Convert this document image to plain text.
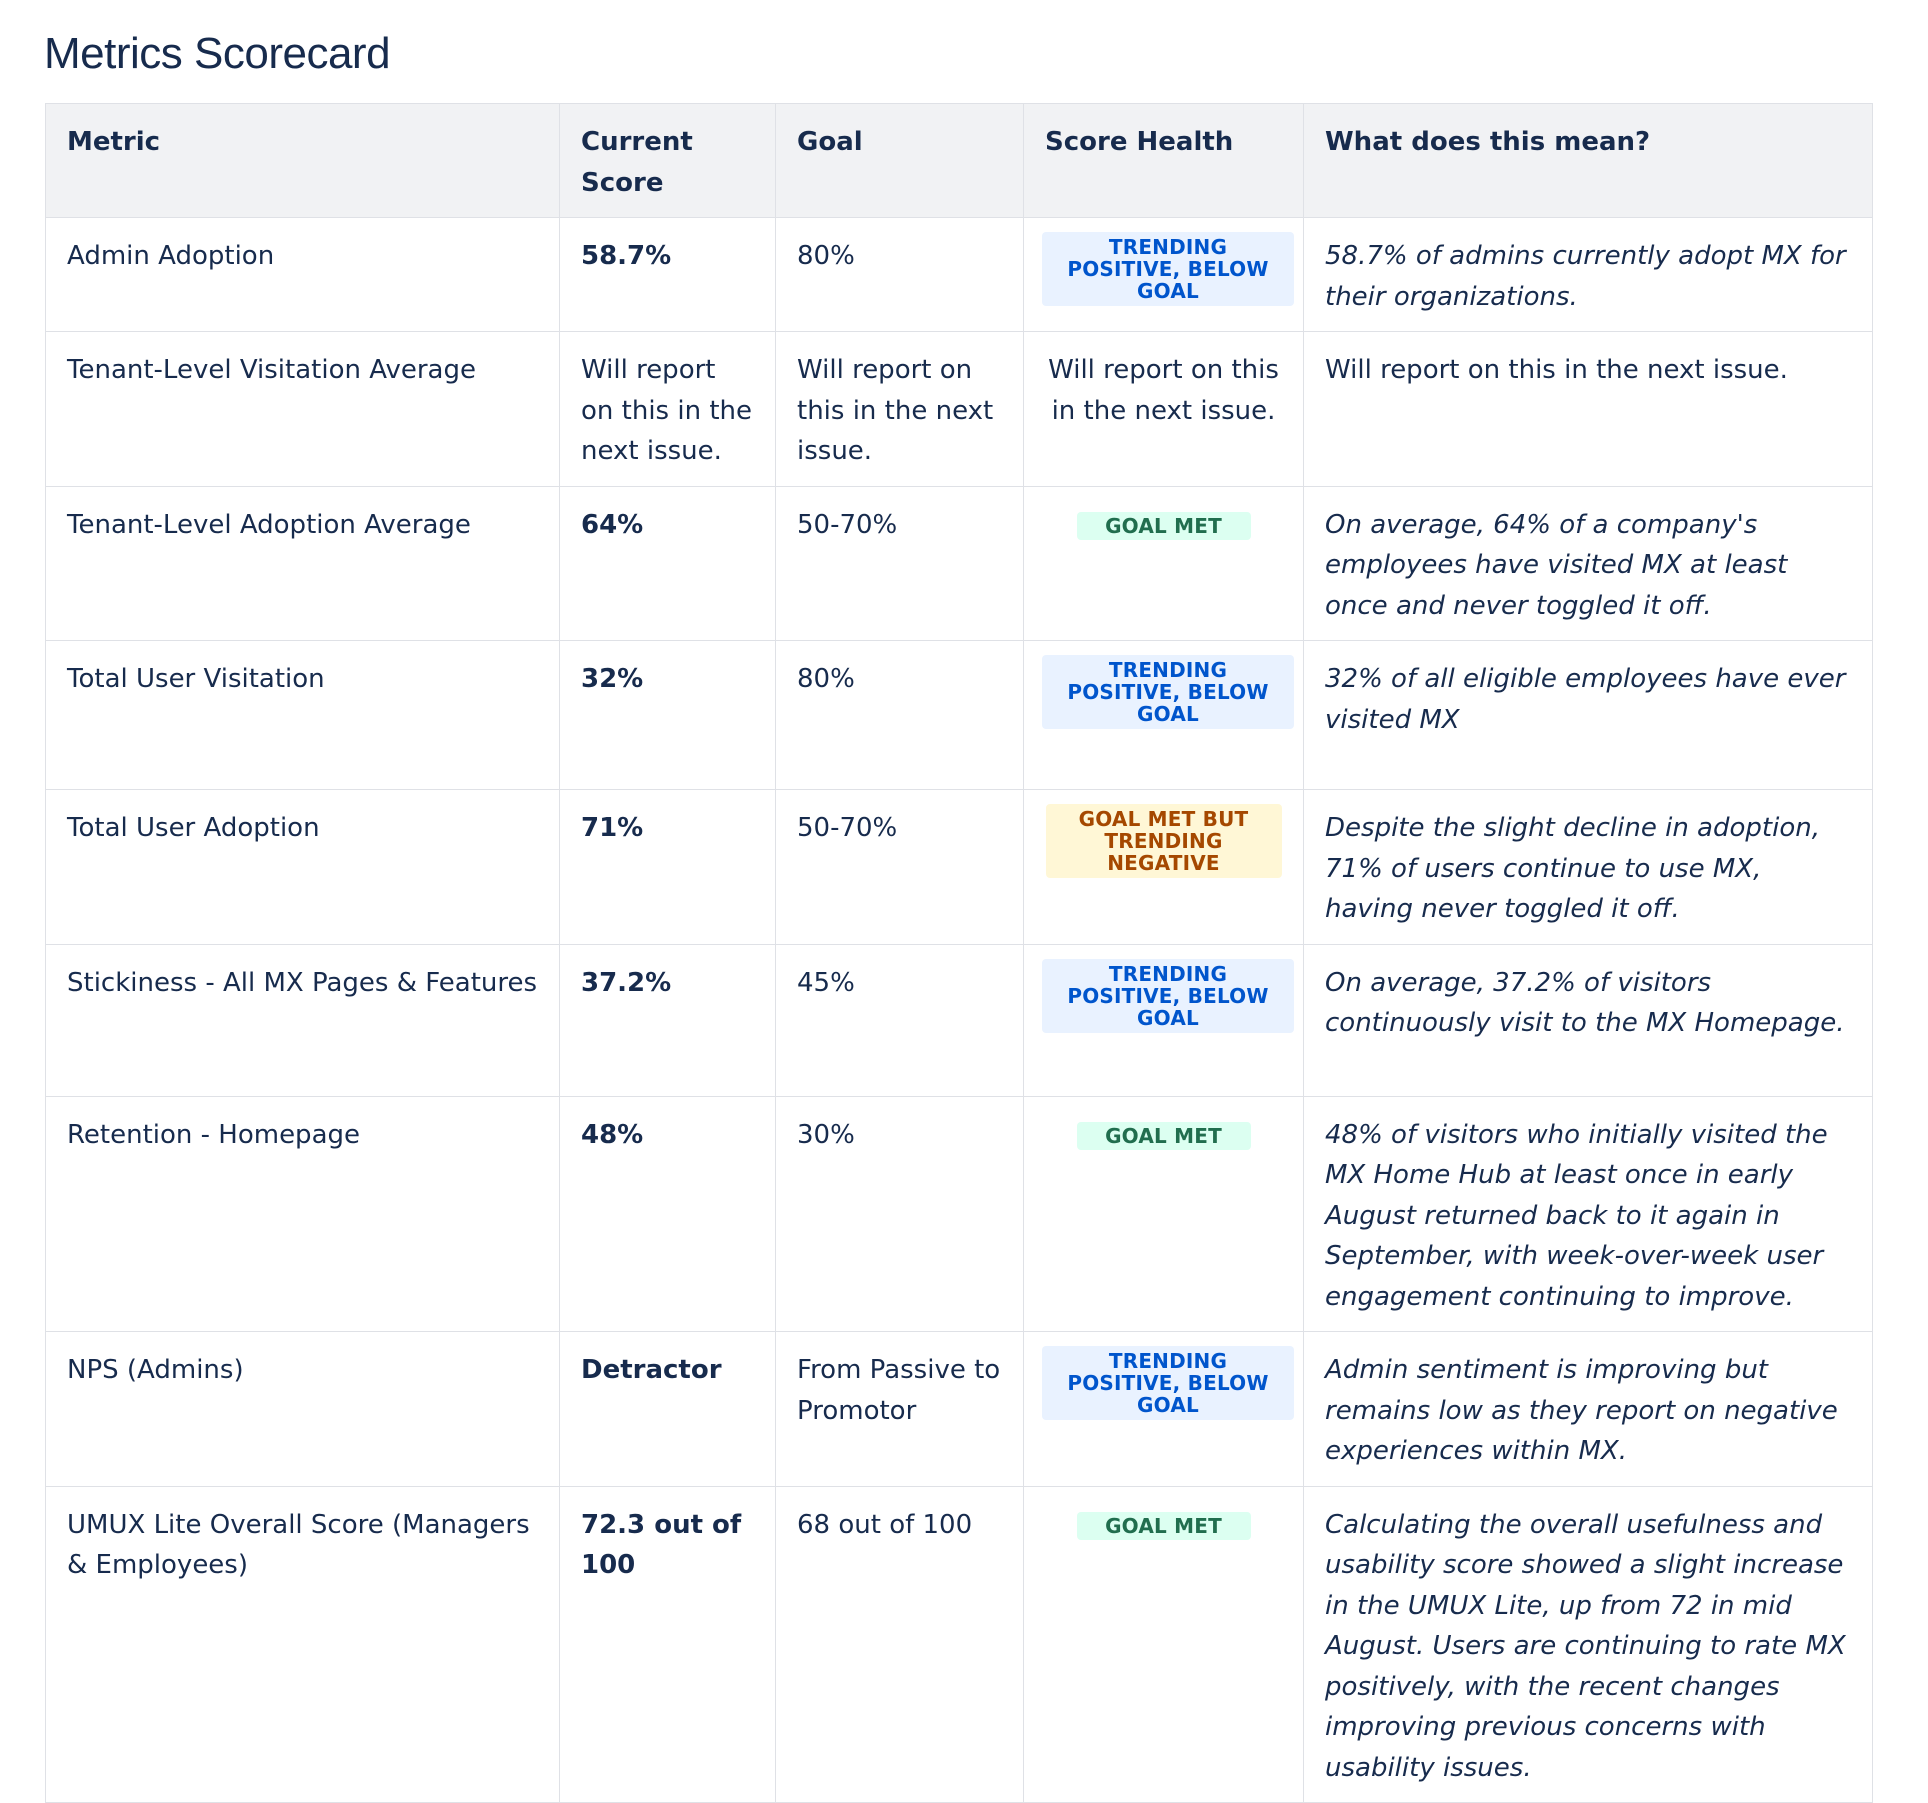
Metrics Scorecard
Metric	Current Score	Goal	Score Health	What does this mean?
Admin Adoption	58.7%	80%	TRENDING POSITIVE, BELOW GOAL	58.7% of admins currently adopt MX for their organizations.
Tenant-Level Visitation Average	Will report on this in the next issue.	Will report on this in the next issue.	Will report on this in the next issue.	Will report on this in the next issue.
Tenant-Level Adoption Average	64%	50-70%	GOAL MET	On average, 64% of a company's employees have visited MX at least once and never toggled it off.
Total User Visitation	32%	80%	TRENDING POSITIVE, BELOW GOAL	32% of all eligible employees have ever visited MX
Total User Adoption	71%	50-70%	GOAL MET BUT TRENDING NEGATIVE	Despite the slight decline in adoption, 71% of users continue to use MX, having never toggled it off.
Stickiness - All MX Pages & Features	37.2%	45%	TRENDING POSITIVE, BELOW GOAL	On average, 37.2% of visitors continuously visit to the MX Homepage.
Retention - Homepage	48%	30%	GOAL MET	48% of visitors who initially visited the MX Home Hub at least once in early August returned back to it again in September, with week-over-week user engagement continuing to improve.
NPS (Admins)	Detractor	From Passive to Promotor	TRENDING POSITIVE, BELOW GOAL	Admin sentiment is improving but remains low as they report on negative experiences within MX.
UMUX Lite Overall Score (Managers & Employees)	72.3 out of 100	68 out of 100	GOAL MET	Calculating the overall usefulness and usability score showed a slight increase in the UMUX Lite, up from 72 in mid August. Users are continuing to rate MX positively, with the recent changes improving previous concerns with usability issues.
